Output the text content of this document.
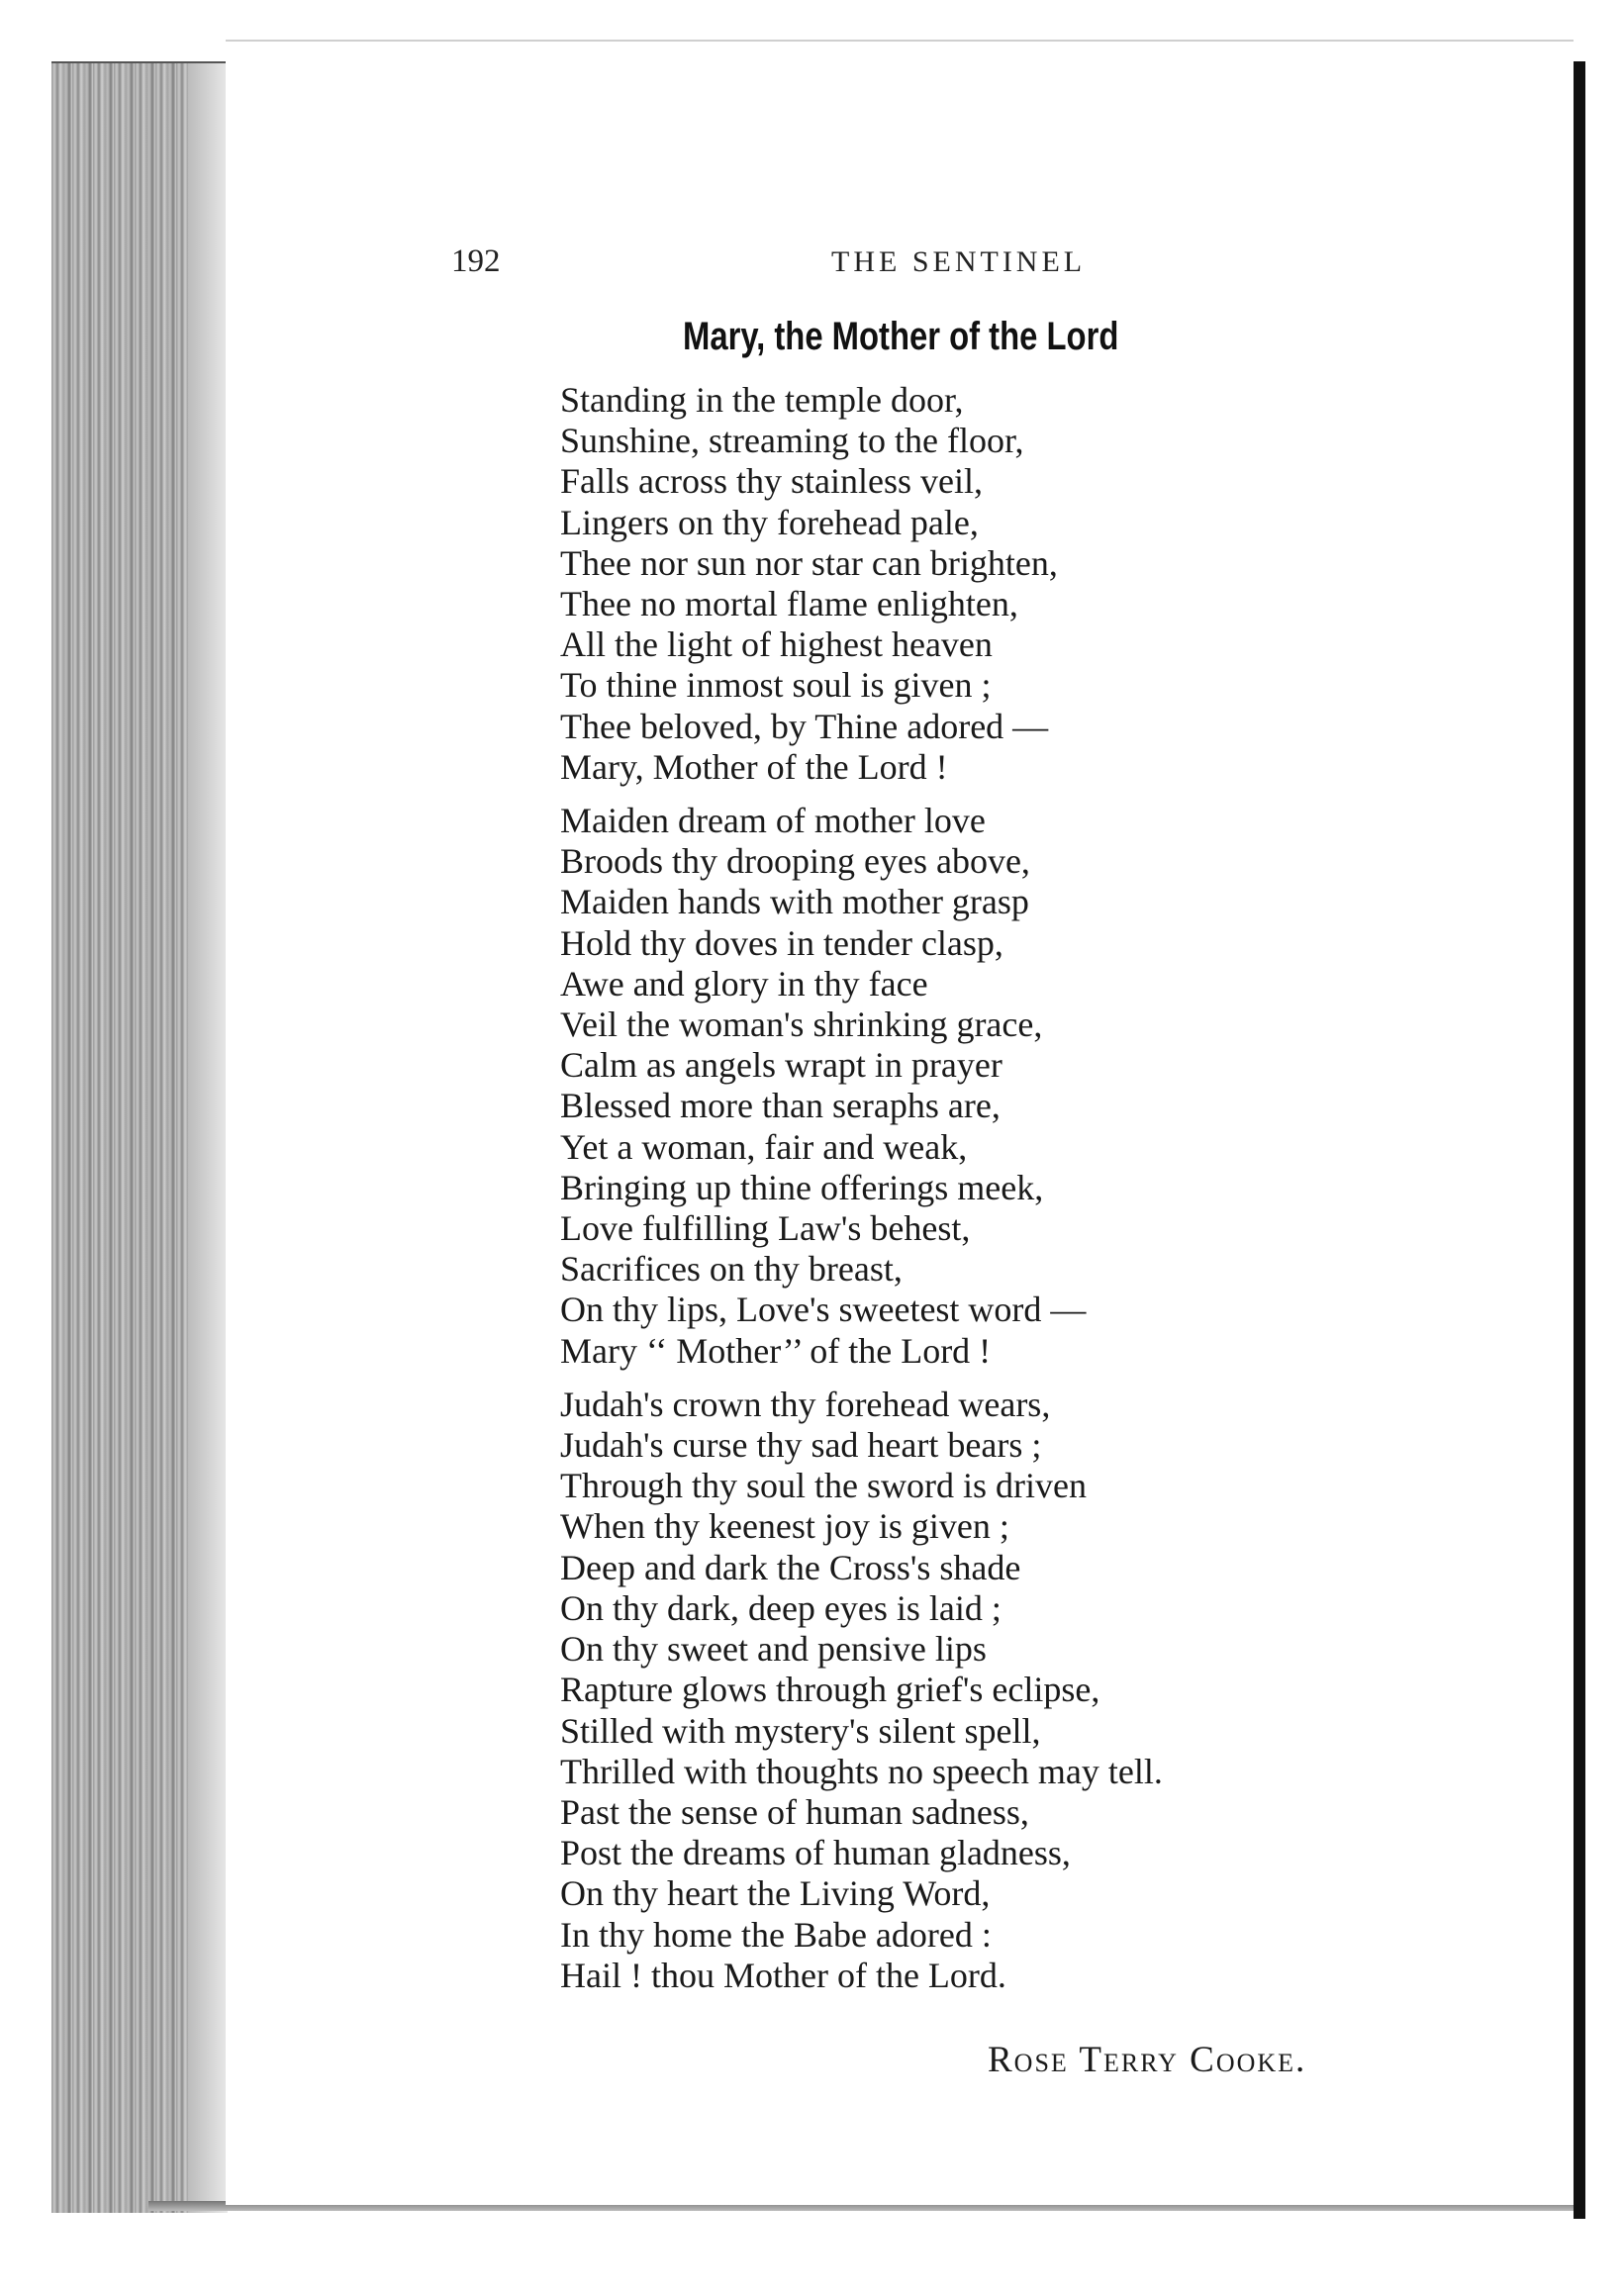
192	THE SENTINEL
Mary, the Mother of the Lord
Standing in the temple door,
Sunshine, streaming to the floor,
Falls across thy stainless veil,
Lingers on thy forehead pale,
Thee nor sun nor star can brighten,
Thee no mortal flame enlighten,
All the light of highest heaven
To thine inmost soul is given ;
Thee beloved, by Thine adored —
Mary, Mother of the Lord !
Maiden dream of mother love
Broods thy drooping eyes above,
Maiden hands with mother grasp
Hold thy doves in tender clasp,
Awe and glory in thy face
Veil the woman's shrinking grace,
Calm as angels wrapt in prayer
Blessed more than seraphs are,
Yet a woman, fair and weak,
Bringing up thine offerings meek,
Love fulfilling Law's behest,
Sacrifices on thy breast,
On thy lips, Love's sweetest word —
Mary ‘‘ Mother’’ of the Lord !
Judah's crown thy forehead wears,
Judah's curse thy sad heart bears ;
Through thy soul the sword is driven
When thy keenest joy is given ;
Deep and dark the Cross's shade
On thy dark, deep eyes is laid ;
On thy sweet and pensive lips
Rapture glows through grief's eclipse,
Stilled with mystery's silent spell,
Thrilled with thoughts no speech may tell.
Past the sense of human sadness,
Post the dreams of human gladness,
On thy heart the Living Word,
In thy home the Babe adored :
Hail ! thou Mother of the Lord.
Rose Terry Cooke.
